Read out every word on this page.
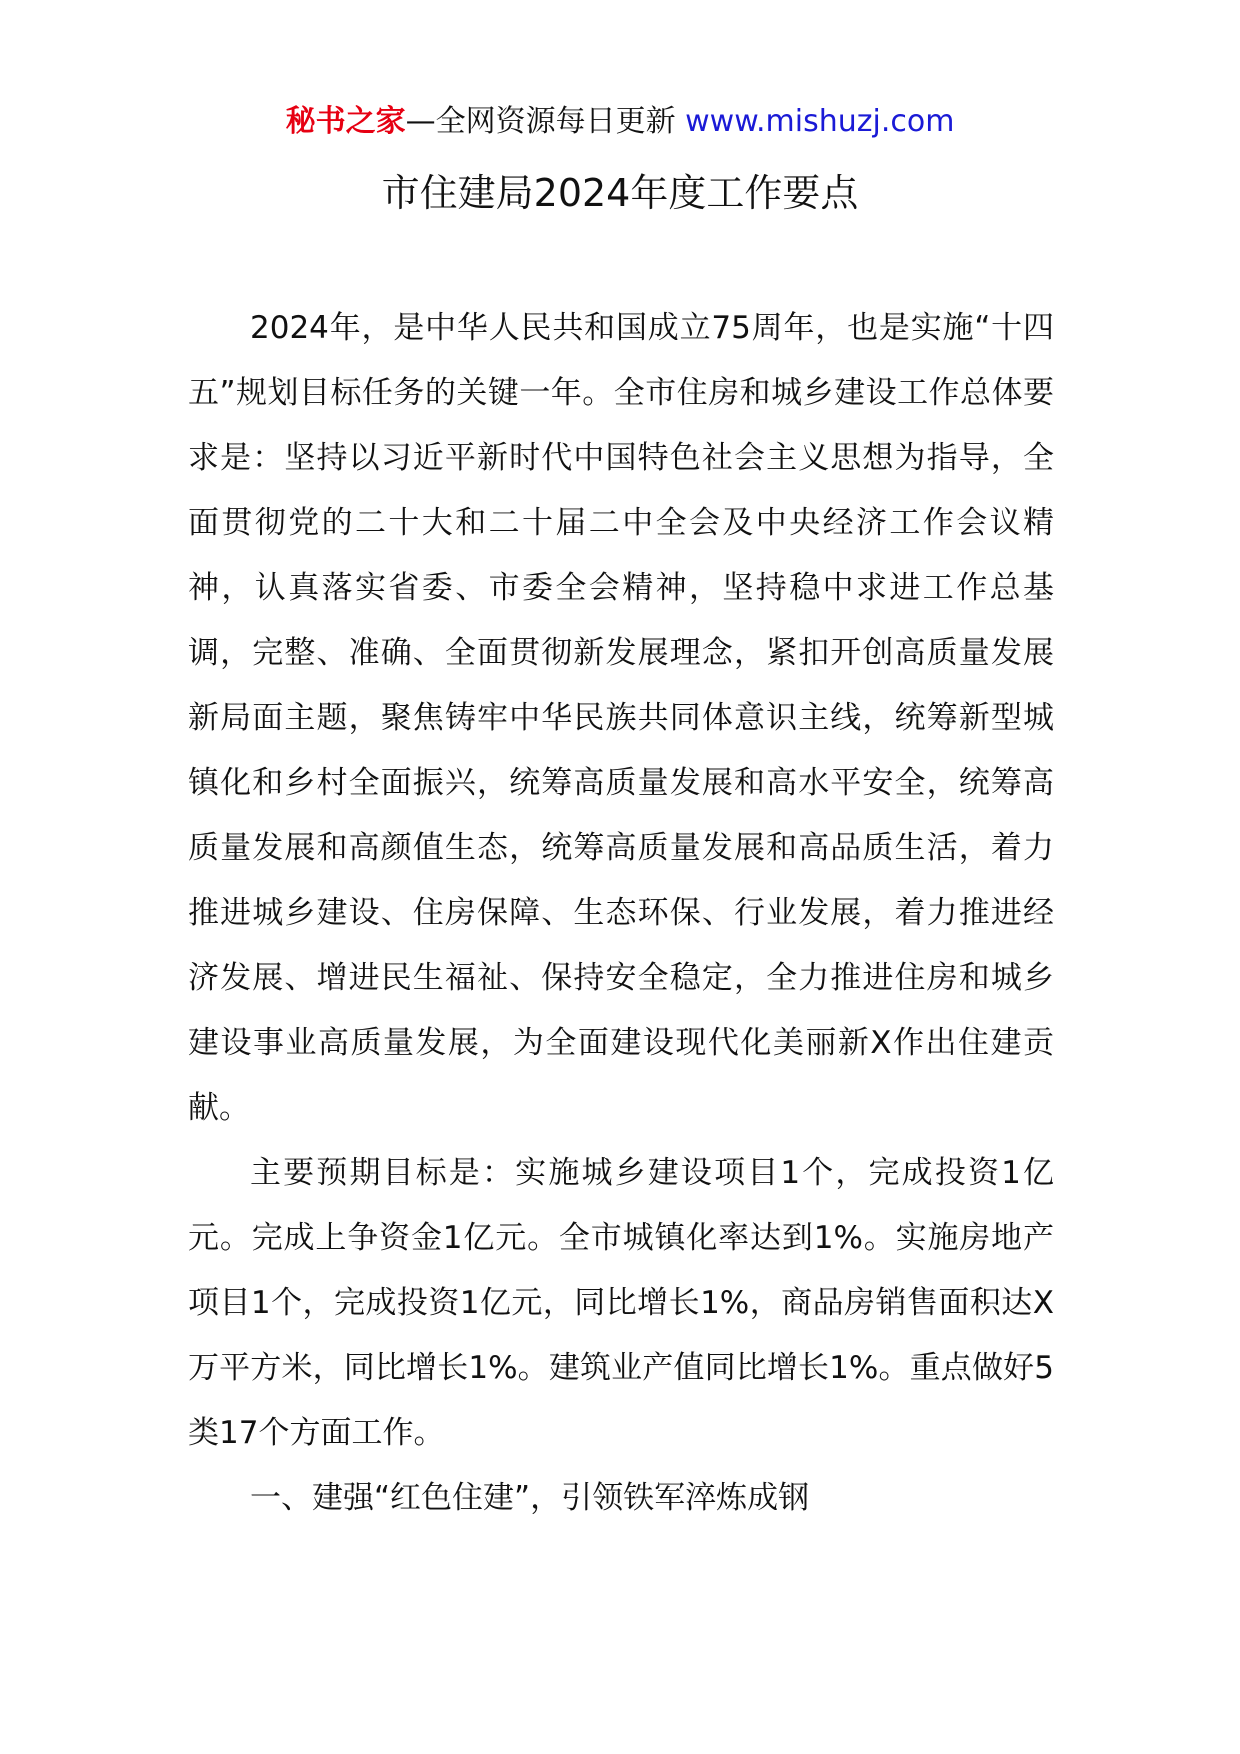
秘书之家—全网资源每日更新 www.mishuzj.com
市住建局2024年度工作要点

2024年，是中华人民共和国成立75周年，也是实施“十四五”规划目标任务的关键一年。全市住房和城乡建设工作总体要求是：坚持以习近平新时代中国特色社会主义思想为指导，全面贯彻党的二十大和二十届二中全会及中央经济工作会议精神，认真落实省委、市委全会精神，坚持稳中求进工作总基调，完整、准确、全面贯彻新发展理念，紧扣开创高质量发展新局面主题，聚焦铸牢中华民族共同体意识主线，统筹新型城镇化和乡村全面振兴，统筹高质量发展和高水平安全，统筹高质量发展和高颜值生态，统筹高质量发展和高品质生活，着力推进城乡建设、住房保障、生态环保、行业发展，着力推进经济发展、增进民生福祉、保持安全稳定，全力推进住房和城乡建设事业高质量发展，为全面建设现代化美丽新X作出住建贡献。

主要预期目标是：实施城乡建设项目1个，完成投资1亿元。完成上争资金1亿元。全市城镇化率达到1%。实施房地产项目1个，完成投资1亿元，同比增长1%，商品房销售面积达X万平方米，同比增长1%。建筑业产值同比增长1%。重点做好5类17个方面工作。

一、建强“红色住建”，引领铁军淬炼成钢
